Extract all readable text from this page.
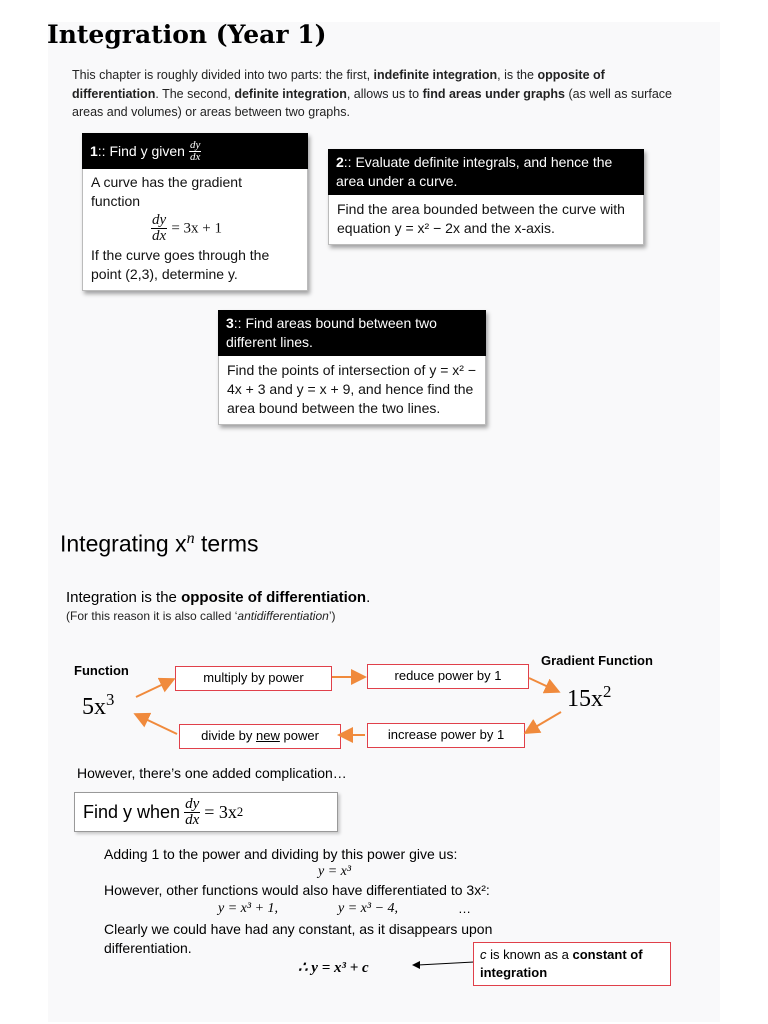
Integration (Year 1)
This chapter is roughly divided into two parts: the first, indefinite integration, is the opposite of differentiation. The second, definite integration, allows us to find areas under graphs (as well as surface areas and volumes) or areas between two graphs.
1 :: Find y given $\frac{dy}{dx}$
A curve has the gradient function
$\frac{dy}{dx} = 3x + 1$
If the curve goes through the point (2,3), determine y.
2:: Evaluate definite integrals, and hence the area under a curve.
Find the area bounded between the curve with equation y = x² − 2x and the x-axis.
3:: Find areas bound between two different lines.
Find the points of intersection of y = x² − 4x + 3 and y = x + 9, and hence find the area bound between the two lines.
Integrating $x^n$ terms
Integration is the opposite of differentiation.
(For this reason it is also called ‘antidifferentiation’)
Function
$5x^3$
Gradient Function
$15x^2$
multiply by power	reduce power by 1
divide by new power	increase power by 1
However, there’s one added complication…
Find y when $\frac{dy}{dx} = 3x$ 2
Adding 1 to the power and dividing by this power give us:
y = x³
However, other functions would also have differentiated to 3x²:
y = x³ + 1,	y = x³ − 4,	…
Clearly we could have had any constant, as it disappears upon differentiation.
∴ y = x³ + c
c is known as a constant of integration
